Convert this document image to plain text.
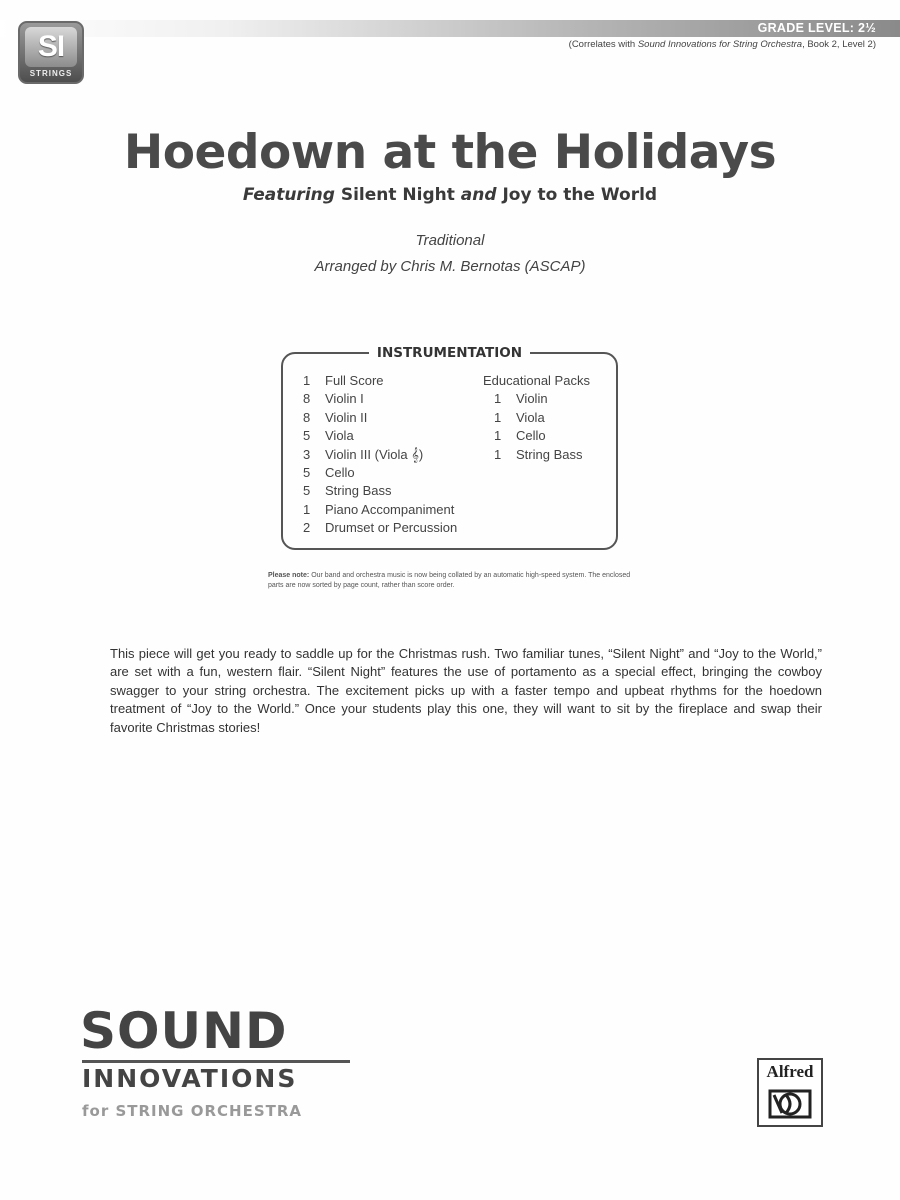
GRADE LEVEL: 2½
(Correlates with Sound Innovations for String Orchestra, Book 2, Level 2)
SI
STRINGS
Hoedown at the Holidays
Featuring Silent Night and Joy to the World
Traditional
Arranged by Chris M. Bernotas (ASCAP)
INSTRUMENTATION
1	Full Score
8	Violin I
8	Violin II
5	Viola
3	Violin III (Viola 𝄞)
5	Cello
5	String Bass
1	Piano Accompaniment
2	Drumset or Percussion
Educational Packs
1	Violin
1	Viola
1	Cello
1	String Bass
Please note: Our band and orchestra music is now being collated by an automatic high-speed system. The enclosed parts are now sorted by page count, rather than score order.
This piece will get you ready to saddle up for the Christmas rush. Two familiar tunes, “Silent Night” and “Joy to the World,” are set with a fun, western flair. “Silent Night” features the use of portamento as a special effect, bringing the cowboy swagger to your string orchestra. The excitement picks up with a faster tempo and upbeat rhythms for the hoedown treatment of “Joy to the World.” Once your students play this one, they will want to sit by the fireplace and swap their favorite Christmas stories!
SOUND
INNOVATIONS
for STRING ORCHESTRA
Alfred
